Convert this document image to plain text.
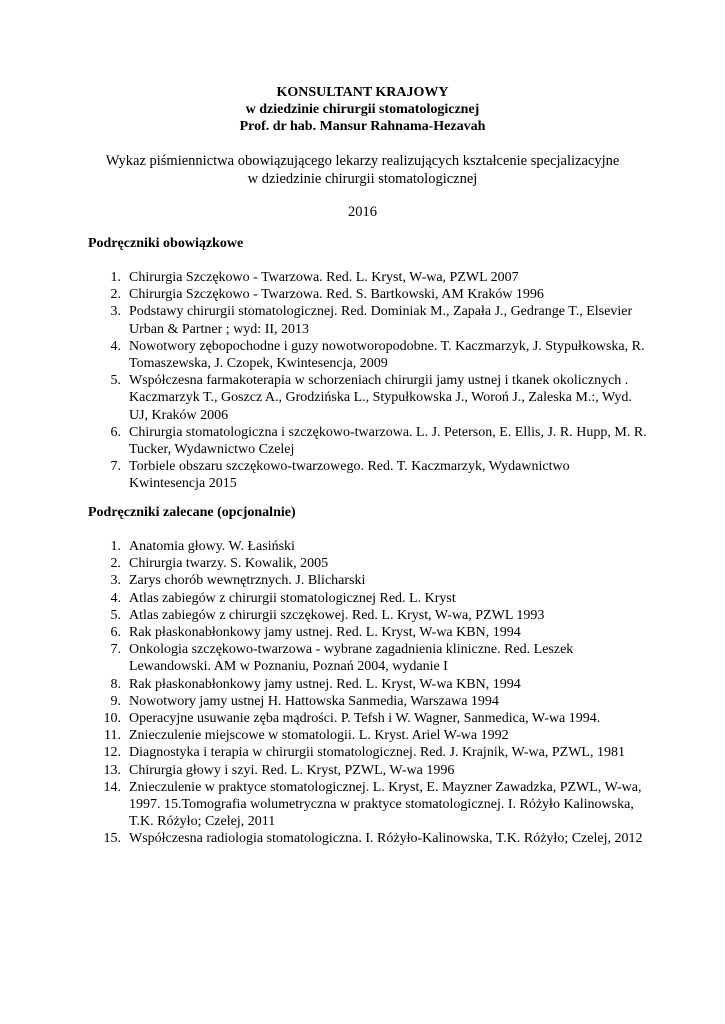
KONSULTANT KRAJOWY
w dziedzinie chirurgii stomatologicznej
Prof. dr hab. Mansur Rahnama-Hezavah
Wykaz piśmiennictwa obowiązującego lekarzy realizujących kształcenie specjalizacyjne
w dziedzinie chirurgii stomatologicznej
2016
Podręczniki obowiązkowe
1. Chirurgia Szczękowo - Twarzowa. Red. L. Kryst, W-wa, PZWL 2007
2. Chirurgia Szczękowo - Twarzowa. Red. S. Bartkowski, AM Kraków 1996
3. Podstawy chirurgii stomatologicznej. Red. Dominiak M., Zapała J., Gedrange T., Elsevier Urban & Partner ; wyd: II, 2013
4. Nowotwory zębopochodne i guzy nowotworopodobne. T. Kaczmarzyk, J. Stypułkowska, R. Tomaszewska, J. Czopek, Kwintesencja, 2009
5. Współczesna farmakoterapia w schorzeniach chirurgii jamy ustnej i tkanek okolicznych . Kaczmarzyk T., Goszcz A., Grodzińska L., Stypułkowska J., Woroń J., Zaleska M.:, Wyd. UJ, Kraków 2006
6. Chirurgia stomatologiczna i szczękowo-twarzowa. L. J. Peterson, E. Ellis, J. R. Hupp, M. R. Tucker, Wydawnictwo Czelej
7. Torbiele obszaru szczękowo-twarzowego. Red. T. Kaczmarzyk, Wydawnictwo Kwintesencja 2015
Podręczniki zalecane (opcjonalnie)
1. Anatomia głowy. W. Łasiński
2. Chirurgia twarzy. S. Kowalik, 2005
3. Zarys chorób wewnętrznych. J. Blicharski
4. Atlas zabiegów z chirurgii stomatologicznej Red. L. Kryst
5. Atlas zabiegów z chirurgii szczękowej. Red. L. Kryst, W-wa, PZWL 1993
6. Rak płaskonabłonkowy jamy ustnej. Red. L. Kryst, W-wa KBN, 1994
7. Onkologia szczękowo-twarzowa - wybrane zagadnienia kliniczne. Red. Leszek Lewandowski. AM w Poznaniu, Poznań 2004, wydanie I
8. Rak płaskonabłonkowy jamy ustnej. Red. L. Kryst, W-wa KBN, 1994
9. Nowotwory jamy ustnej H. Hattowska Sanmedia, Warszawa 1994
10. Operacyjne usuwanie zęba mądrości. P. Tefsh i W. Wagner, Sanmedica, W-wa 1994.
11. Znieczulenie miejscowe w stomatologii. L. Kryst. Ariel W-wa 1992
12. Diagnostyka i terapia w chirurgii stomatologicznej. Red. J. Krajnik, W-wa, PZWL, 1981
13. Chirurgia głowy i szyi. Red. L. Kryst, PZWL, W-wa 1996
14. Znieczulenie w praktyce stomatologicznej. L. Kryst, E. Mayzner Zawadzka, PZWL, W-wa, 1997. 15.Tomografia wolumetryczna w praktyce stomatologicznej. I. Różyło Kalinowska, T.K. Różyło; Czelej, 2011
15. Współczesna radiologia stomatologiczna. I. Różyło-Kalinowska, T.K. Różyło; Czelej, 2012
